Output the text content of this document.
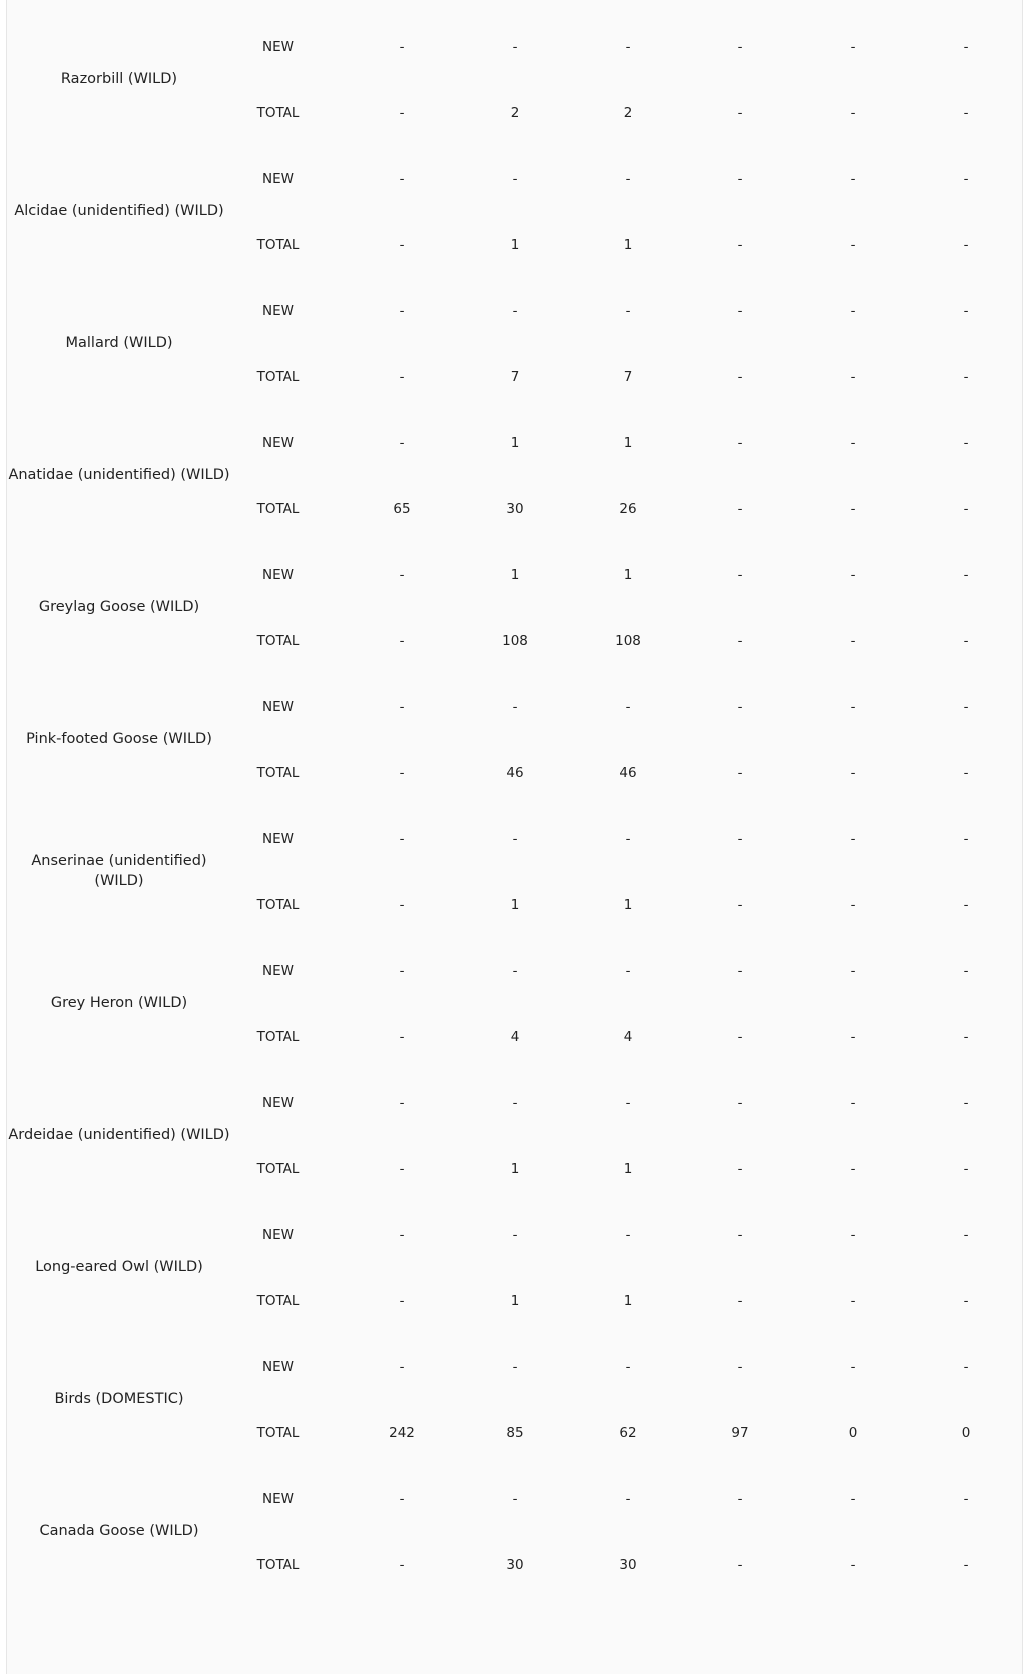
Razorbill (WILD)
NEW	-	-	-	-	-	-
TOTAL	-	2	2	-	-	-
Alcidae (unidentified) (WILD)
NEW	-	-	-	-	-	-
TOTAL	-	1	1	-	-	-
Mallard (WILD)
NEW	-	-	-	-	-	-
TOTAL	-	7	7	-	-	-
Anatidae (unidentified) (WILD)
NEW	-	1	1	-	-	-
TOTAL	65	30	26	-	-	-
Greylag Goose (WILD)
NEW	-	1	1	-	-	-
TOTAL	-	108	108	-	-	-
Pink-footed Goose (WILD)
NEW	-	-	-	-	-	-
TOTAL	-	46	46	-	-	-
Anserinae (unidentified) (WILD)
NEW	-	-	-	-	-	-
TOTAL	-	1	1	-	-	-
Grey Heron (WILD)
NEW	-	-	-	-	-	-
TOTAL	-	4	4	-	-	-
Ardeidae (unidentified) (WILD)
NEW	-	-	-	-	-	-
TOTAL	-	1	1	-	-	-
Long-eared Owl (WILD)
NEW	-	-	-	-	-	-
TOTAL	-	1	1	-	-	-
Birds (DOMESTIC)
NEW	-	-	-	-	-	-
TOTAL	242	85	62	97	0	0
Canada Goose (WILD)
NEW	-	-	-	-	-	-
TOTAL	-	30	30	-	-	-
